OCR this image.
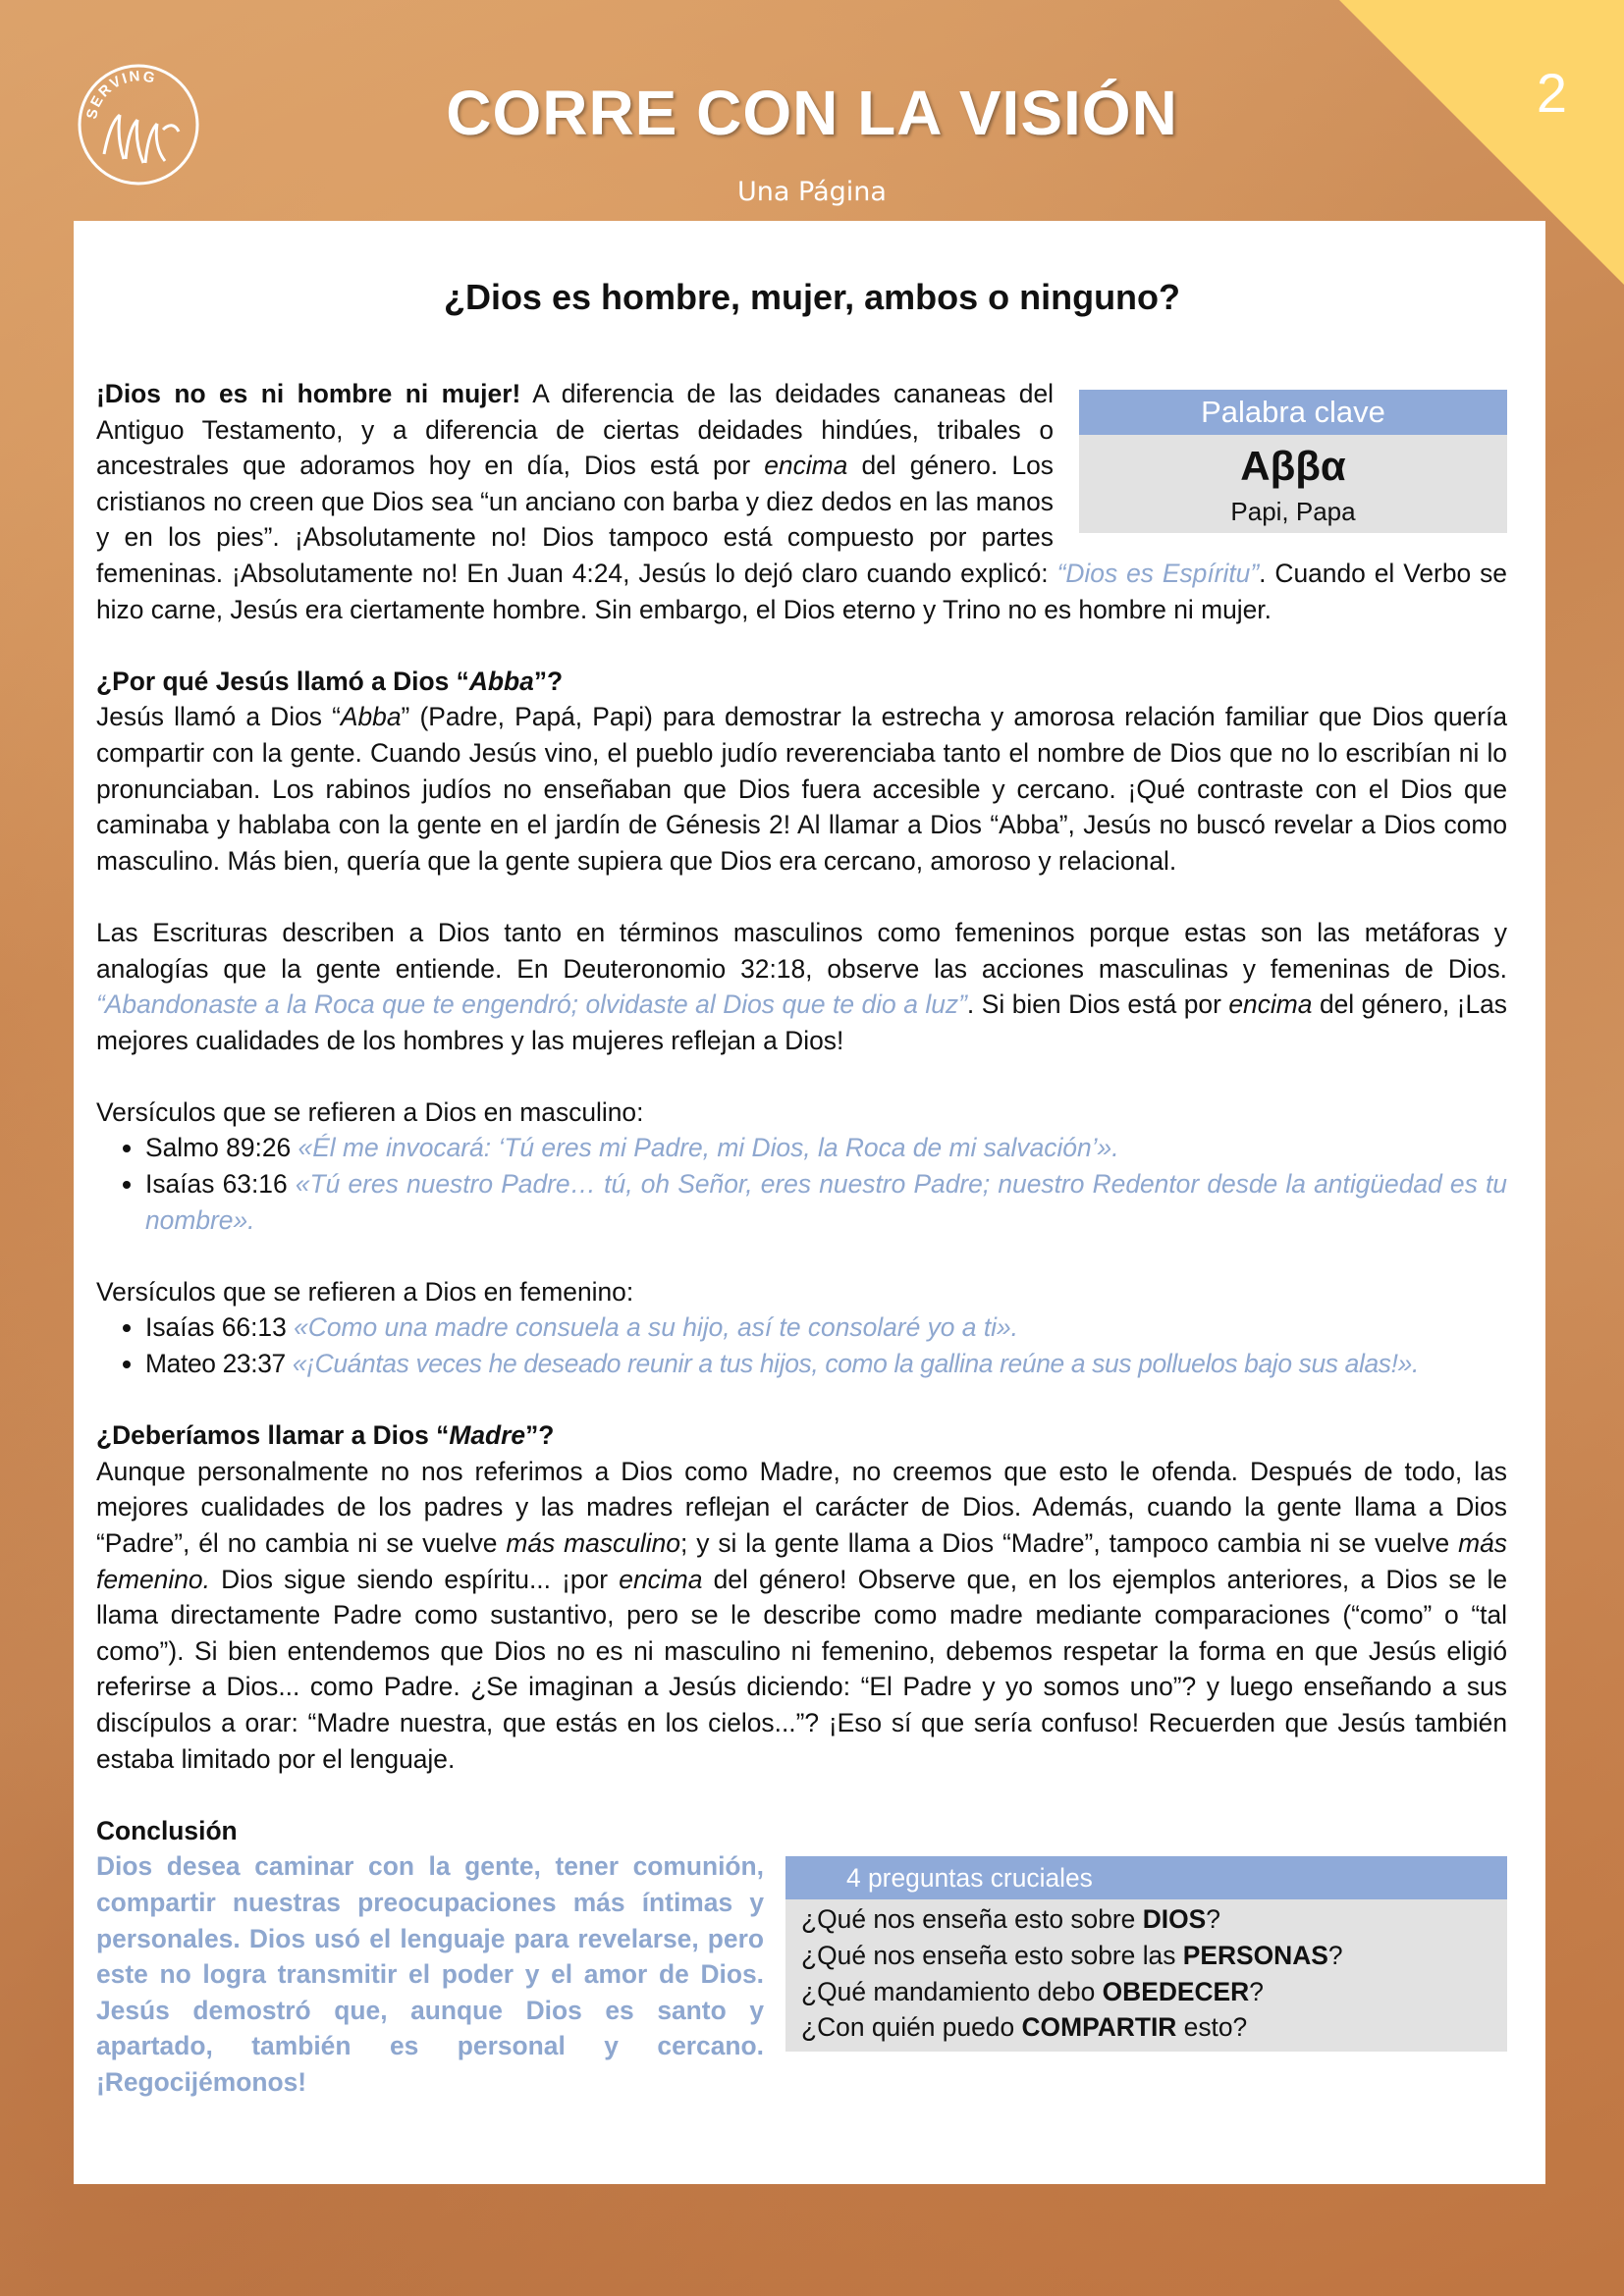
2
SERVING	CORRE CON LA VISIÓN
Una Página
¿Dios es hombre, mujer, ambos o ninguno?
Palabra clave
Aββα
Papi, Papa

¡Dios no es ni hombre ni mujer! A diferencia de las deidades cananeas del Antiguo Testamento, y a diferencia de ciertas deidades hindúes, tribales o ancestrales que adoramos hoy en día, Dios está por encima del género. Los cristianos no creen que Dios sea “un anciano con barba y diez dedos en las manos y en los pies”. ¡Absolutamente no! Dios tampoco está compuesto por partes femeninas. ¡Absolutamente no! En Juan 4:24, Jesús lo dejó claro cuando explicó: “Dios es Espíritu”. Cuando el Verbo se hizo carne, Jesús era ciertamente hombre. Sin embargo, el Dios eterno y Trino no es hombre ni mujer.

¿Por qué Jesús llamó a Dios “Abba”?

Jesús llamó a Dios “Abba” (Padre, Papá, Papi) para demostrar la estrecha y amorosa relación familiar que Dios quería compartir con la gente. Cuando Jesús vino, el pueblo judío reverenciaba tanto el nombre de Dios que no lo escribían ni lo pronunciaban. Los rabinos judíos no enseñaban que Dios fuera accesible y cercano. ¡Qué contraste con el Dios que caminaba y hablaba con la gente en el jardín de Génesis 2! Al llamar a Dios “Abba”, Jesús no buscó revelar a Dios como masculino. Más bien, quería que la gente supiera que Dios era cercano, amoroso y relacional.

Las Escrituras describen a Dios tanto en términos masculinos como femeninos porque estas son las metáforas y analogías que la gente entiende. En Deuteronomio 32:18, observe las acciones masculinas y femeninas de Dios. “Abandonaste a la Roca que te engendró; olvidaste al Dios que te dio a luz”. Si bien Dios está por encima del género, ¡Las mejores cualidades de los hombres y las mujeres reflejan a Dios!

Versículos que se refieren a Dios en masculino:

• Salmo 89:26 «Él me invocará: ‘Tú eres mi Padre, mi Dios, la Roca de mi salvación’».
• Isaías 63:16 «Tú eres nuestro Padre… tú, oh Señor, eres nuestro Padre; nuestro Redentor desde la antigüedad es tu nombre».

Versículos que se refieren a Dios en femenino:

• Isaías 66:13 «Como una madre consuela a su hijo, así te consolaré yo a ti».
• Mateo 23:37 «¡Cuántas veces he deseado reunir a tus hijos, como la gallina reúne a sus polluelos bajo sus alas!».

¿Deberíamos llamar a Dios “Madre”?

Aunque personalmente no nos referimos a Dios como Madre, no creemos que esto le ofenda. Después de todo, las mejores cualidades de los padres y las madres reflejan el carácter de Dios. Además, cuando la gente llama a Dios “Padre”, él no cambia ni se vuelve más masculino; y si la gente llama a Dios “Madre”, tampoco cambia ni se vuelve más femenino. Dios sigue siendo espíritu... ¡por encima del género! Observe que, en los ejemplos anteriores, a Dios se le llama directamente Padre como sustantivo, pero se le describe como madre mediante comparaciones (“como” o “tal como”). Si bien entendemos que Dios no es ni masculino ni femenino, debemos respetar la forma en que Jesús eligió referirse a Dios... como Padre. ¿Se imaginan a Jesús diciendo: “El Padre y yo somos uno”? y luego enseñando a sus discípulos a orar: “Madre nuestra, que estás en los cielos...”? ¡Eso sí que sería confuso! Recuerden que Jesús también estaba limitado por el lenguaje.

Conclusión

Dios desea caminar con la gente, tener comunión, compartir nuestras preocupaciones más íntimas y personales. Dios usó el lenguaje para revelarse, pero este no logra transmitir el poder y el amor de Dios. Jesús demostró que, aunque Dios es santo y apartado, también es personal y cercano. ¡Regocijémonos!
4 preguntas cruciales
¿Qué nos enseña esto sobre DIOS?
¿Qué nos enseña esto sobre las PERSONAS?
¿Qué mandamiento debo OBEDECER?
¿Con quién puedo COMPARTIR esto?
